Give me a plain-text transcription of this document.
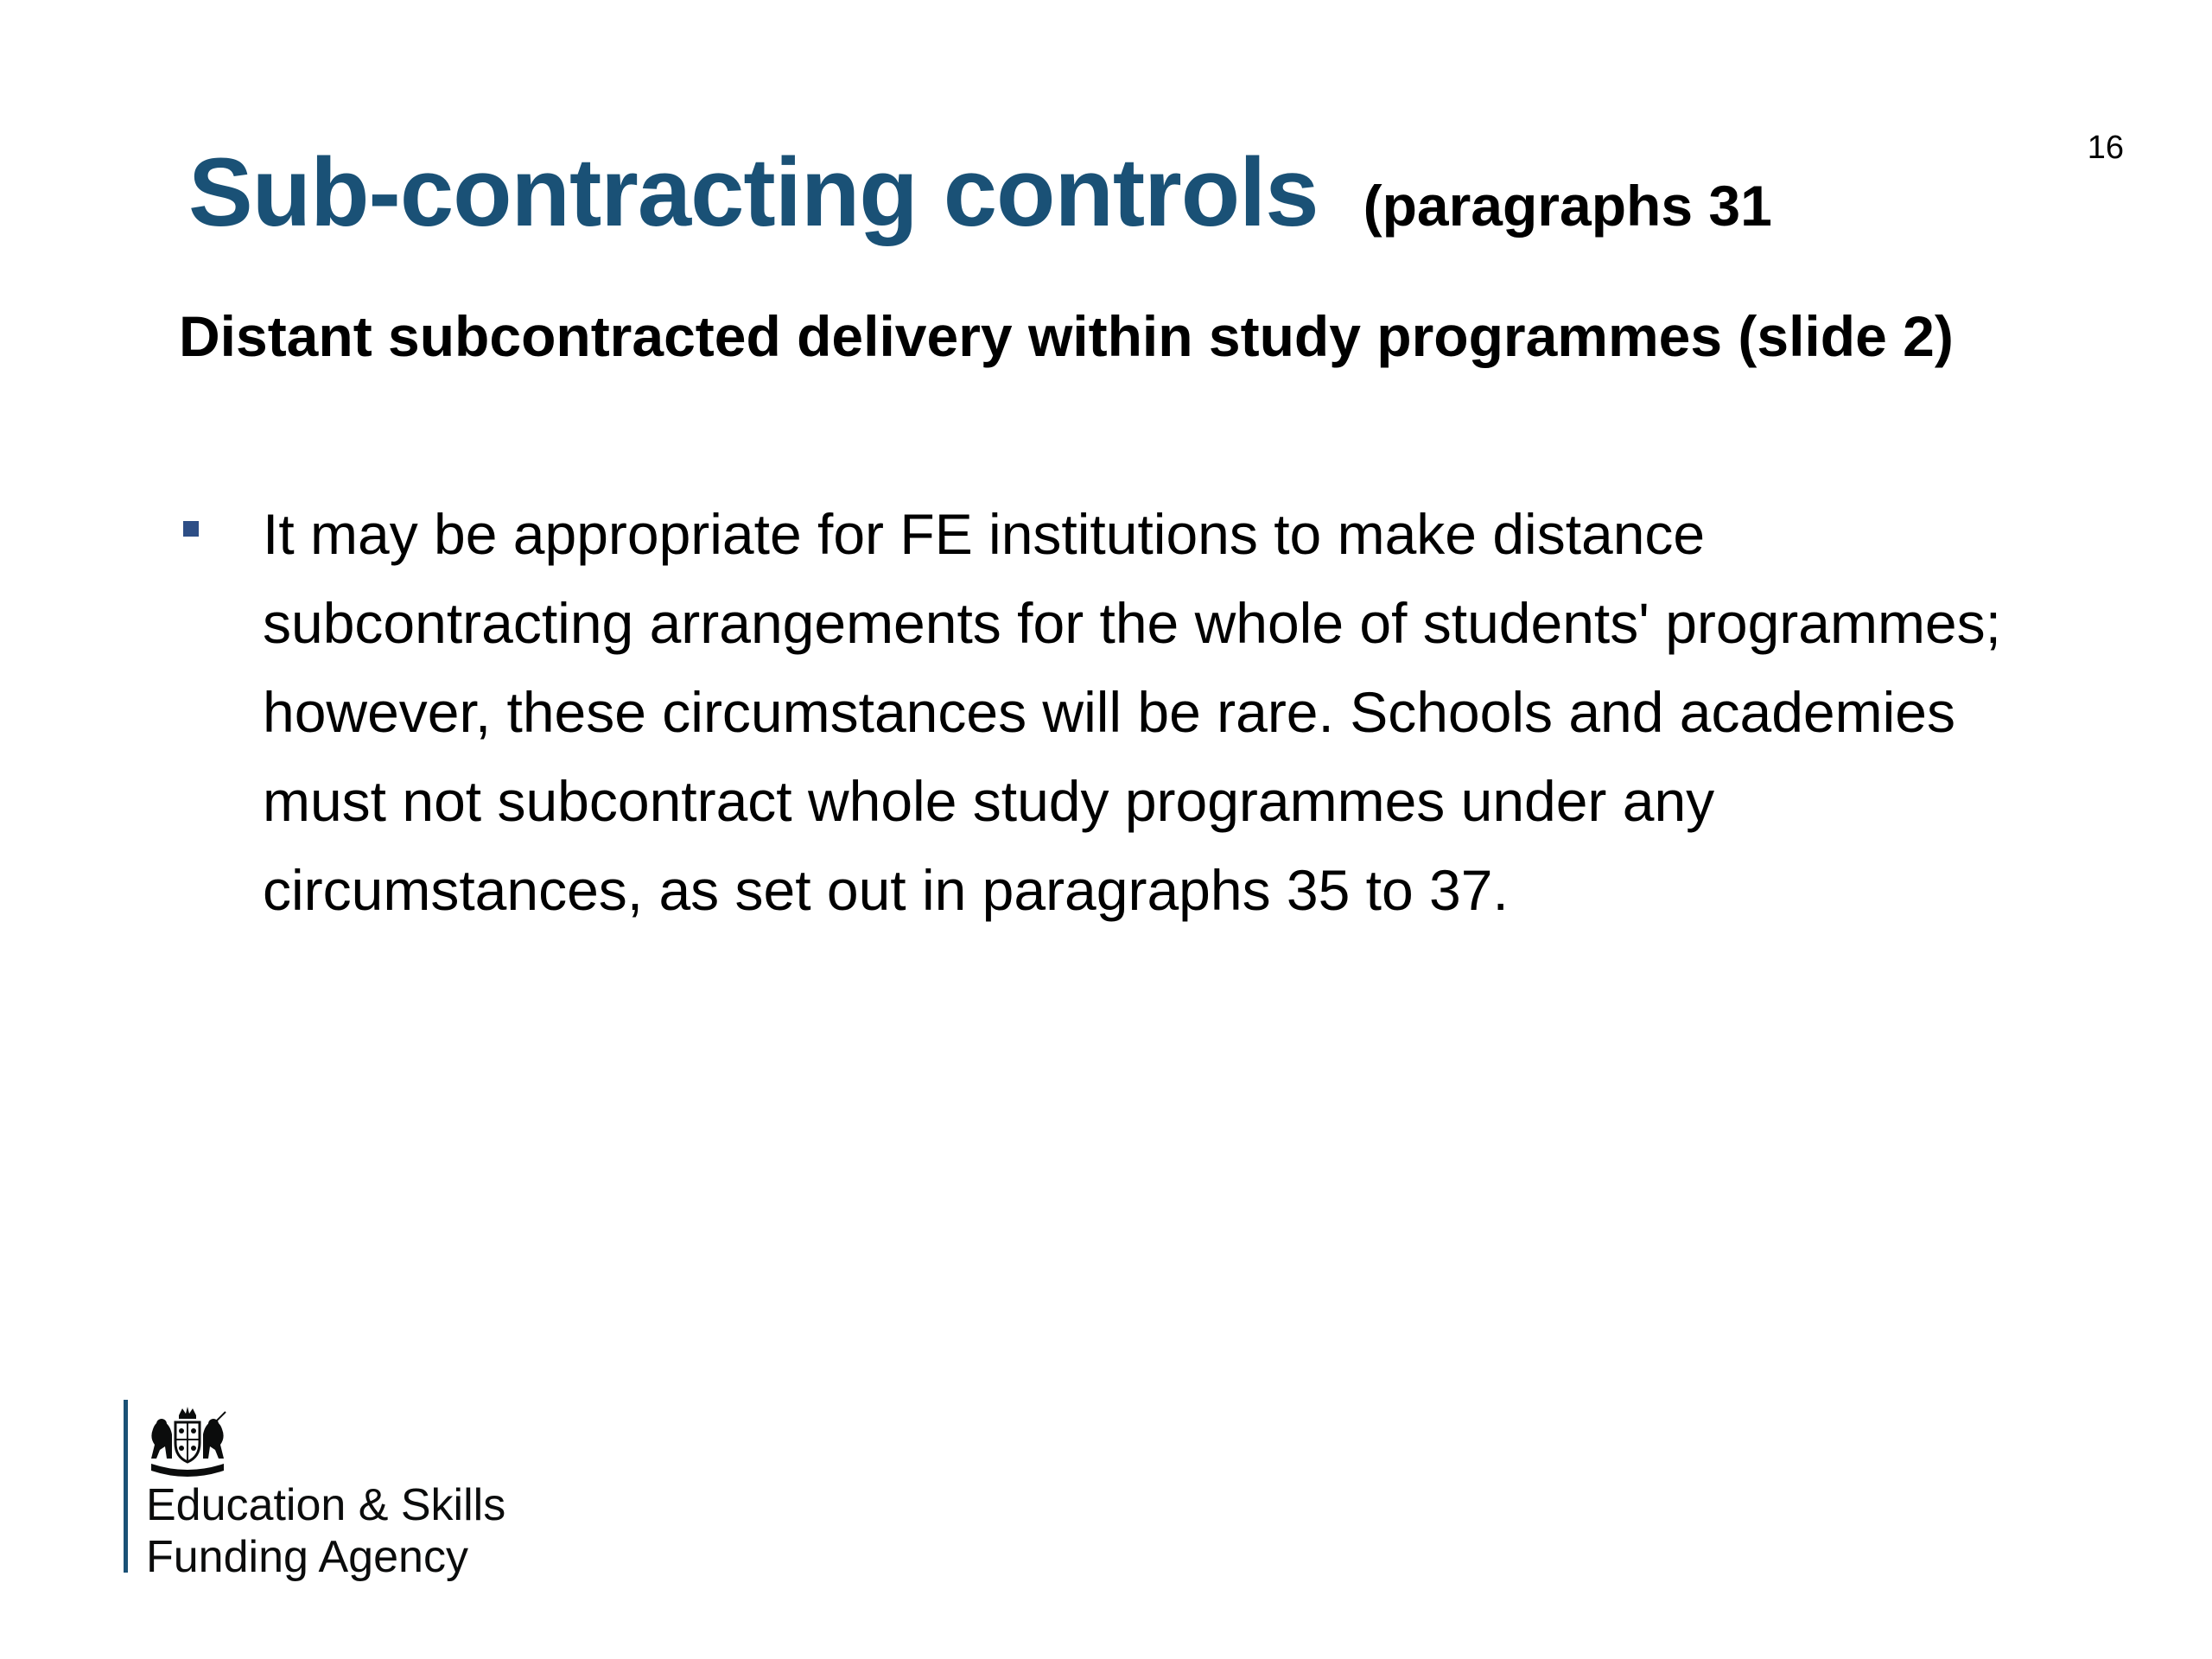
16
Sub-contracting controls (paragraphs 31
Distant subcontracted delivery within study programmes (slide 2)
It may be appropriate for FE institutions to make distance subcontracting arrangements for the whole of students' programmes; however, these circumstances will be rare. Schools and academies must not subcontract whole study programmes under any circumstances, as set out in paragraphs 35 to 37.
Education & Skills
Funding Agency
